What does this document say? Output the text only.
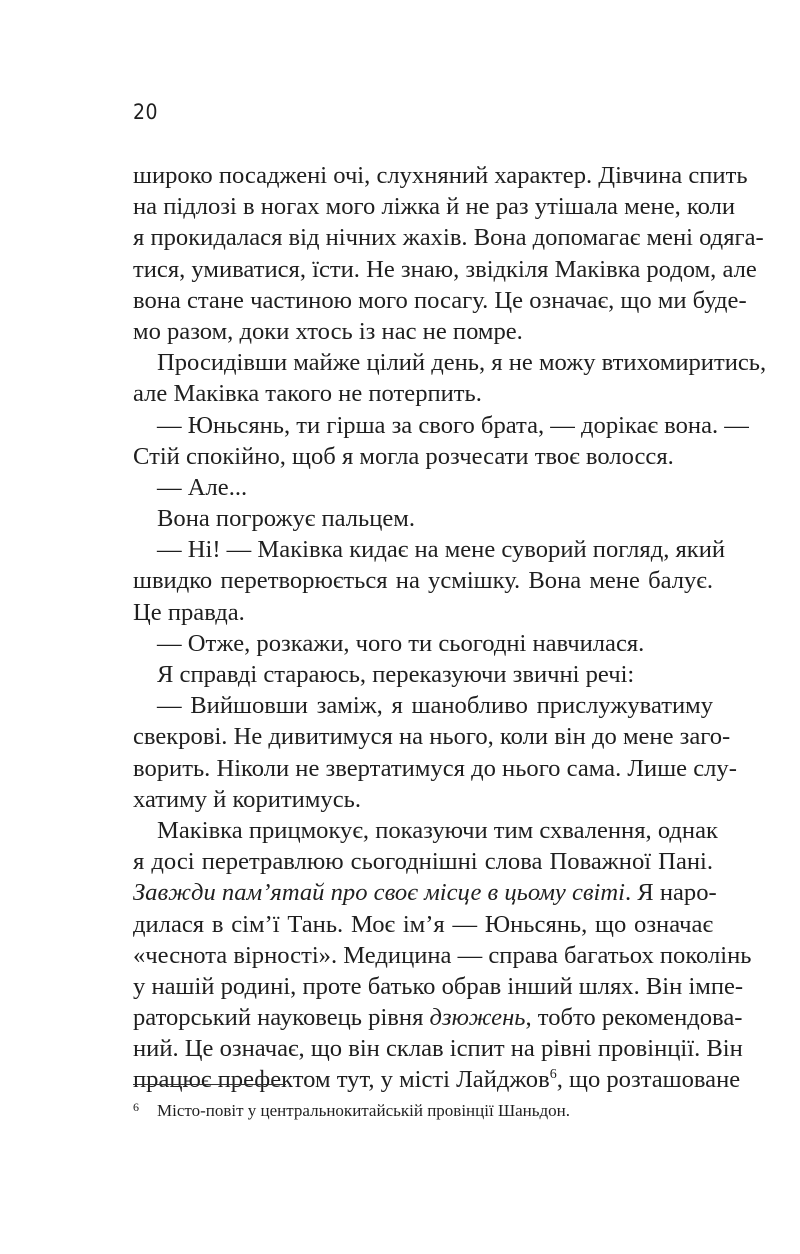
20
широко посаджені очі, слухняний характер. Дівчина спить
на підлозі в ногах мого ліжка й не раз утішала мене, коли
я прокидалася від нічних жахів. Вона допомагає мені одяга-
тися, умиватися, їсти. Не знаю, звідкіля Маківка родом, але
вона стане частиною мого посагу. Це означає, що ми буде-
мо разом, доки хтось із нас не помре.
Просидівши майже цілий день, я не можу втихомиритись,
але Маківка такого не потерпить.
— Юньсянь, ти гірша за свого брата, — дорікає вона. —
Стій спокійно, щоб я могла розчесати твоє волосся.
— Але...
Вона погрожує пальцем.
— Ні! — Маківка кидає на мене суворий погляд, який
швидко перетворюється на усмішку. Вона мене балує.
Це правда.
— Отже, розкажи, чого ти сьогодні навчилася.
Я справді стараюсь, переказуючи звичні речі:
— Вийшовши заміж, я шанобливо прислужуватиму
свекрові. Не дивитимуся на нього, коли він до мене заго-
ворить. Ніколи не звертатимуся до нього сама. Лише слу-
хатиму й коритимусь.
Маківка прицмокує, показуючи тим схвалення, однак
я досі перетравлюю сьогоднішні слова Поважної Пані.
Завжди пам’ятай про своє місце в цьому світі. Я наро-
дилася в сім’ї Тань. Моє ім’я — Юньсянь, що означає
«чеснота вірності». Медицина — справа багатьох поколінь
у нашій родині, проте батько обрав інший шлях. Він імпе-
раторський науковець рівня дзюжень, тобто рекомендова-
ний. Це означає, що він склав іспит на рівні провінції. Він
працює префектом тут, у місті Лайджов$^6$, що розташоване
6 Місто-повіт у центральнокитайській провінції Шаньдон.
